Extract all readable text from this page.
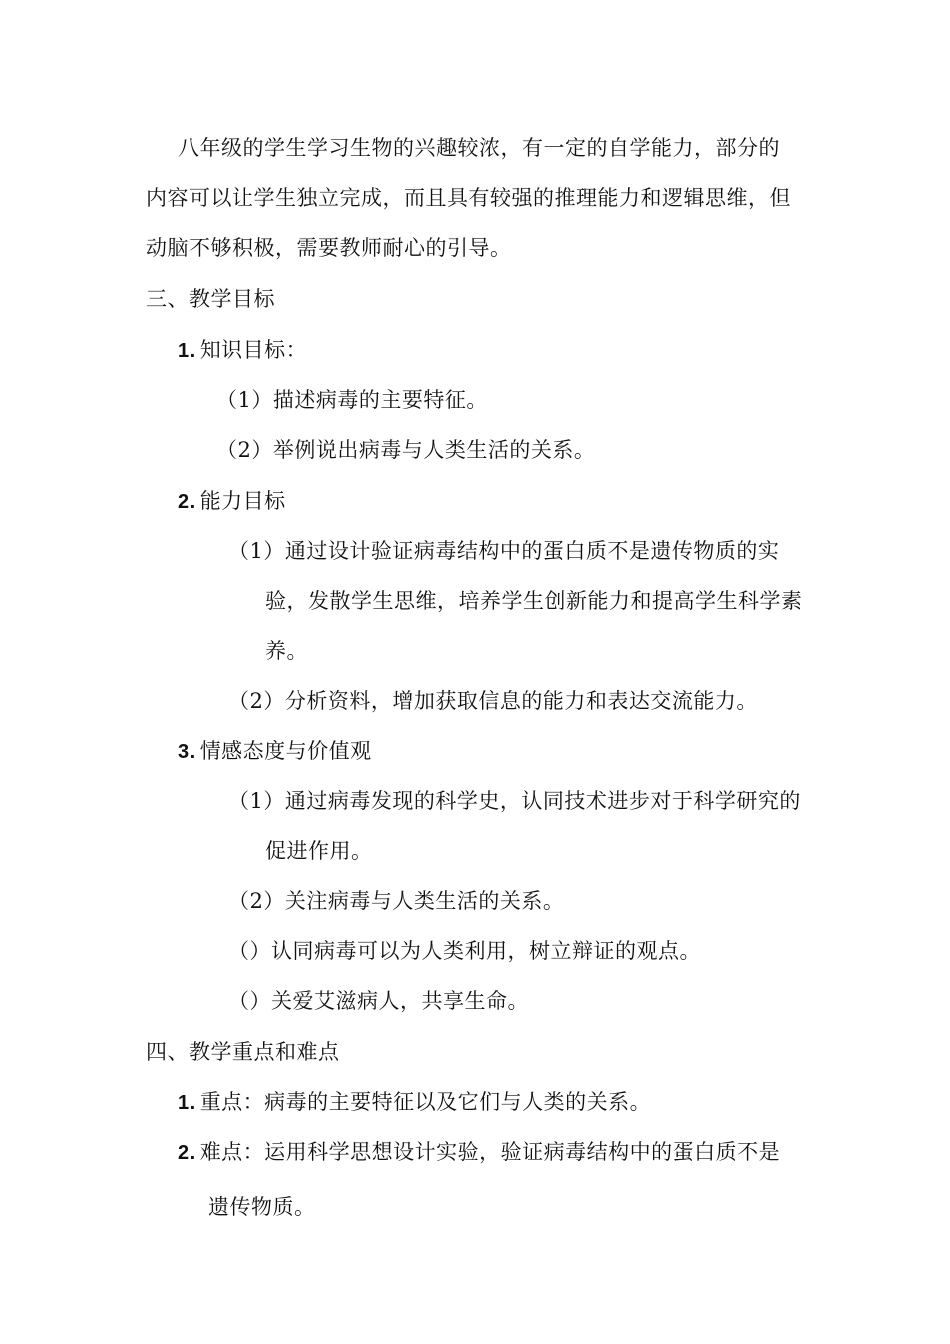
八年级的学生学习生物的兴趣较浓，有一定的自学能力，部分的
内容可以让学生独立完成，而且具有较强的推理能力和逻辑思维，但
动脑不够积极，需要教师耐心的引导。
三、教学目标
1. 知识目标：
（1）描述病毒的主要特征。
（2）举例说出病毒与人类生活的关系。
2. 能力目标
（1）通过设计验证病毒结构中的蛋白质不是遗传物质的实
验，发散学生思维，培养学生创新能力和提高学生科学素
养。
（2）分析资料，增加获取信息的能力和表达交流能力。
3. 情感态度与价值观
（1）通过病毒发现的科学史，认同技术进步对于科学研究的
促进作用。
（2）关注病毒与人类生活的关系。
（）认同病毒可以为人类利用，树立辩证的观点。
（）关爱艾滋病人，共享生命。
四、教学重点和难点
1. 重点：病毒的主要特征以及它们与人类的关系。
2. 难点：运用科学思想设计实验，验证病毒结构中的蛋白质不是
遗传物质。
